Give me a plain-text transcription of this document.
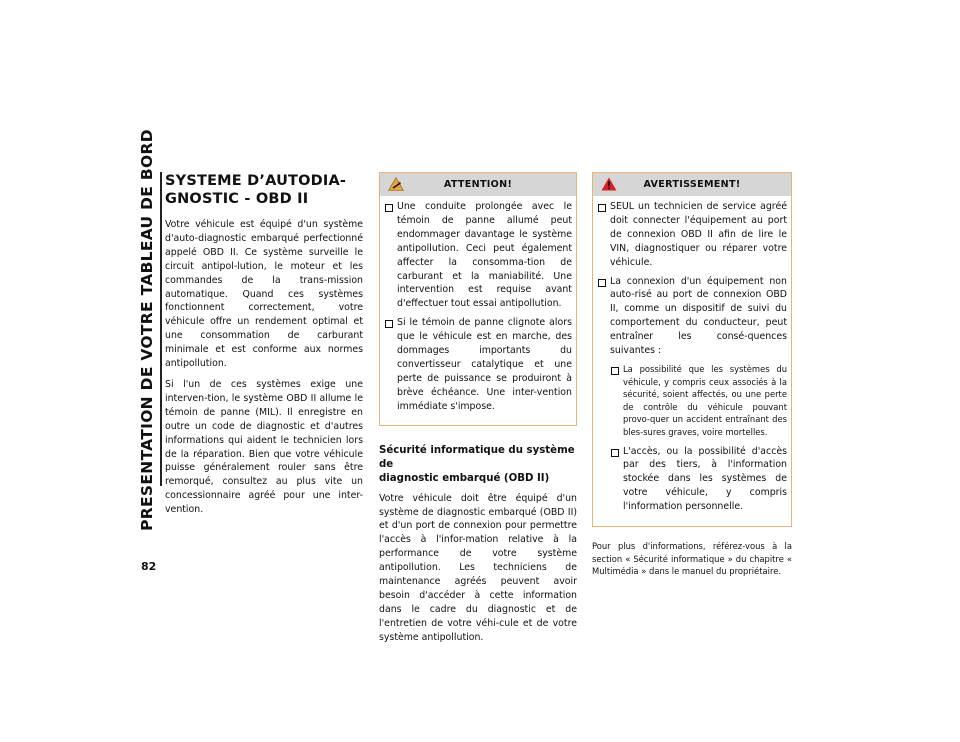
PRESENTATION DE VOTRE TABLEAU DE BORD
82
SYSTEME D’AUTODIA-
GNOSTIC - OBD II

Votre véhicule est équipé d'un système d'auto-diagnostic embarqué perfectionné appelé OBD II. Ce système surveille le circuit antipol-lution, le moteur et les commandes de la trans-mission automatique. Quand ces systèmes fonctionnent correctement, votre véhicule offre un rendement optimal et une consommation de carburant minimale et est conforme aux normes antipollution.

Si l'un de ces systèmes exige une interven-tion, le système OBD II allume le témoin de panne (MIL). Il enregistre en outre un code de diagnostic et d'autres informations qui aident le technicien lors de la réparation. Bien que votre véhicule puisse généralement rouler sans être remorqué, consultez au plus vite un concessionnaire agréé pour une inter-vention.

ATTENTION!
Une conduite prolongée avec le témoin de panne allumé peut endommager davantage le système antipollution. Ceci peut également affecter la consomma-tion de carburant et la maniabilité. Une intervention est requise avant d'effectuer tout essai antipollution.
Si le témoin de panne clignote alors que le véhicule est en marche, des dommages importants du convertisseur catalytique et une perte de puissance se produiront à brève échéance. Une inter-vention immédiate s'impose.
Sécurité informatique du système de
diagnostic embarqué (OBD II)

Votre véhicule doit être équipé d'un système de diagnostic embarqué (OBD II) et d'un port de connexion pour permettre l'accès à l'infor-mation relative à la performance de votre système antipollution. Les techniciens de maintenance agréés peuvent avoir besoin d'accéder à cette information dans le cadre du diagnostic et de l'entretien de votre véhi-cule et de votre système antipollution.

AVERTISSEMENT!
SEUL un technicien de service agréé doit connecter l'équipement au port de connexion OBD II afin de lire le VIN, diagnostiquer ou réparer votre véhicule.
La connexion d'un équipement non auto-risé au port de connexion OBD II, comme un dispositif de suivi du comportement du conducteur, peut entraîner les consé-quences suivantes :
La possibilité que les systèmes du véhicule, y compris ceux associés à la sécurité, soient affectés, ou une perte de contrôle du véhicule pouvant provo-quer un accident entraînant des bles-sures graves, voire mortelles.
L'accès, ou la possibilité d'accès par des tiers, à l'information stockée dans les systèmes de votre véhicule, y compris l'information personnelle.

Pour plus d'informations, référez-vous à la section « Sécurité informatique » du chapitre « Multimédia » dans le manuel du propriétaire.
